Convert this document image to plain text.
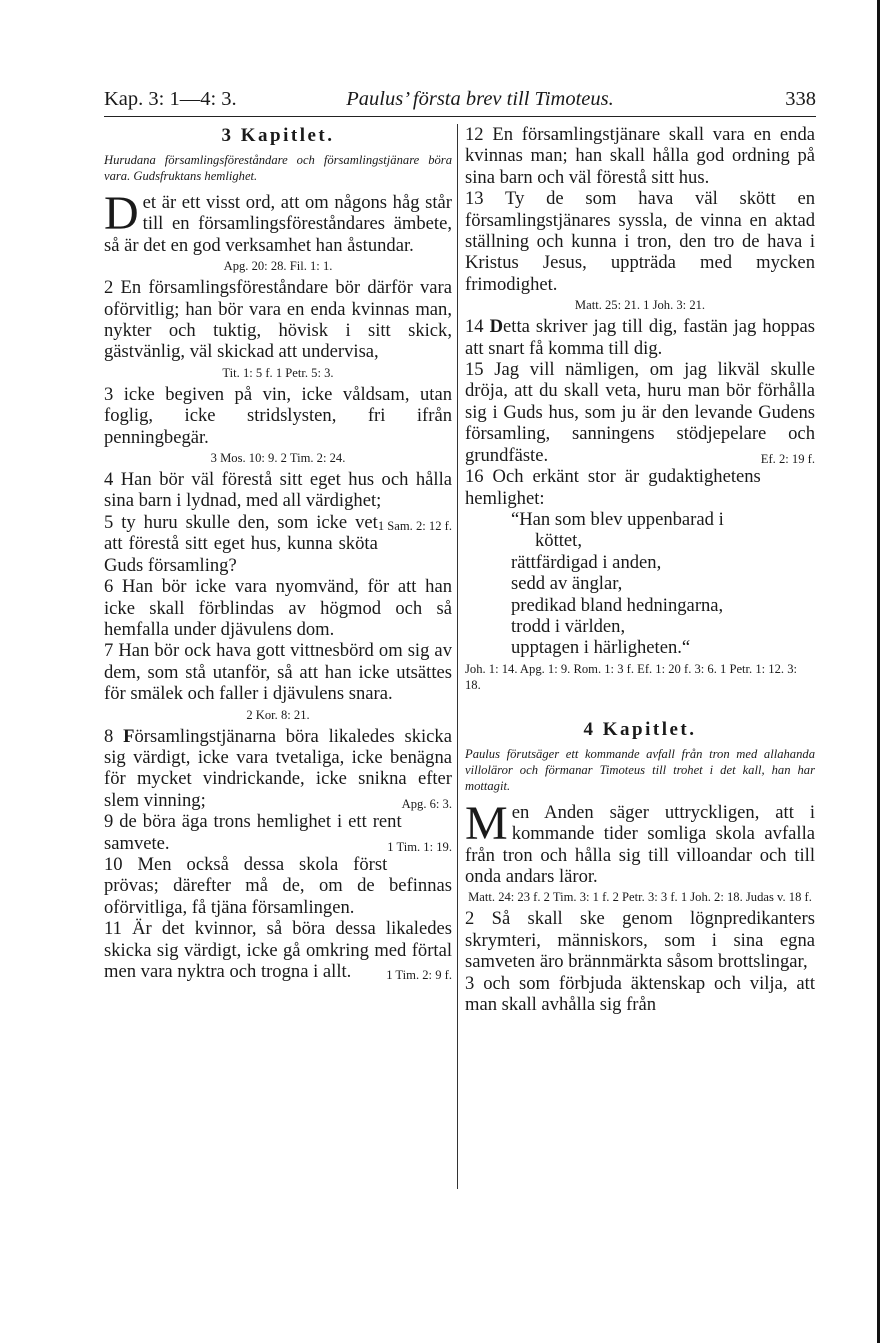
Kap. 3: 1—4: 3.	Paulus’ första brev till Timoteus.	338
3 Kapitlet.
Hurudana församlingsföreståndare och församlingstjänare böra vara. Gudsfruktans hemlighet.

Det är ett visst ord, att om någons håg står till en församlingsföreståndares ämbete, så är det en god verksamhet han åstundar.

Apg. 20: 28. Fil. 1: 1.

2 En församlingsföreståndare bör därför vara oförvitlig; han bör vara en enda kvinnas man, nykter och tuktig, hövisk i sitt skick, gästvänlig, väl skickad att undervisa,

Tit. 1: 5 f. 1 Petr. 5: 3.

3 icke begiven på vin, icke våldsam, utan foglig, icke stridslysten, fri ifrån penningbegär.

3 Mos. 10: 9. 2 Tim. 2: 24.

4 Han bör väl förestå sitt eget hus och hålla sina barn i lydnad, med all värdighet;
1 Sam. 2: 12 f.

5 ty huru skulle den, som icke vet att förestå sitt eget hus, kunna sköta Guds församling?

6 Han bör icke vara nyomvänd, för att han icke skall förblindas av högmod och så hemfalla under djävulens dom.

7 Han bör ock hava gott vittnesbörd om sig av dem, som stå utanför, så att han icke utsättes för smälek och faller i djävulens snara.

2 Kor. 8: 21.

8 Församlingstjänarna böra likaledes skicka sig värdigt, icke vara tvetaliga, icke benägna för mycket vindrickande, icke snikna efter slem vinning;	Apg. 6: 3.

9 de böra äga trons hemlighet i ett rent samvete.	1 Tim. 1: 19.

10 Men också dessa skola först prövas; därefter må de, om de befinnas oförvitliga, få tjäna församlingen.

11 Är det kvinnor, så böra dessa likaledes skicka sig värdigt, icke gå omkring med förtal men vara nyktra och trogna i allt.	1 Tim. 2: 9 f.

12 En församlingstjänare skall vara en enda kvinnas man; han skall hålla god ordning på sina barn och väl förestå sitt hus.

13 Ty de som hava väl skött en församlingstjänares syssla, de vinna en aktad ställning och kunna i tron, den tro de hava i Kristus Jesus, uppträda med mycken frimodighet.

Matt. 25: 21. 1 Joh. 3: 21.

14 Detta skriver jag till dig, fastän jag hoppas att snart få komma till dig.

15 Jag vill nämligen, om jag likväl skulle dröja, att du skall veta, huru man bör förhålla sig i Guds hus, som ju är den levande Gudens församling, sanningens stödjepelare och grundfäste.	Ef. 2: 19 f.

16 Och erkänt stor är gudaktighetens hemlighet:

“Han som blev uppenbarad i
köttet,
rättfärdigad i anden,
sedd av änglar,
predikad bland hedningarna,
trodd i världen,
upptagen i härligheten.“
Joh. 1: 14. Apg. 1: 9. Rom. 1: 3 f. Ef. 1: 20 f. 3: 6. 1 Petr. 1: 12. 3: 18.
4 Kapitlet.
Paulus förutsäger ett kommande avfall från tron med allahanda villoläror och förmanar Timoteus till trohet i det kall, han har mottagit.

Men Anden säger uttryckligen, att i kommande tider somliga skola avfalla från tron och hålla sig till villoandar och till onda andars läror.

Matt. 24: 23 f. 2 Tim. 3: 1 f. 2 Petr. 3: 3 f. 1 Joh. 2: 18. Judas v. 18 f.

2 Så skall ske genom lögnpredikanters skrymteri, människors, som i sina egna samveten äro brännmärkta såsom brottslingar,

3 och som förbjuda äktenskap och vilja, att man skall avhålla sig från
